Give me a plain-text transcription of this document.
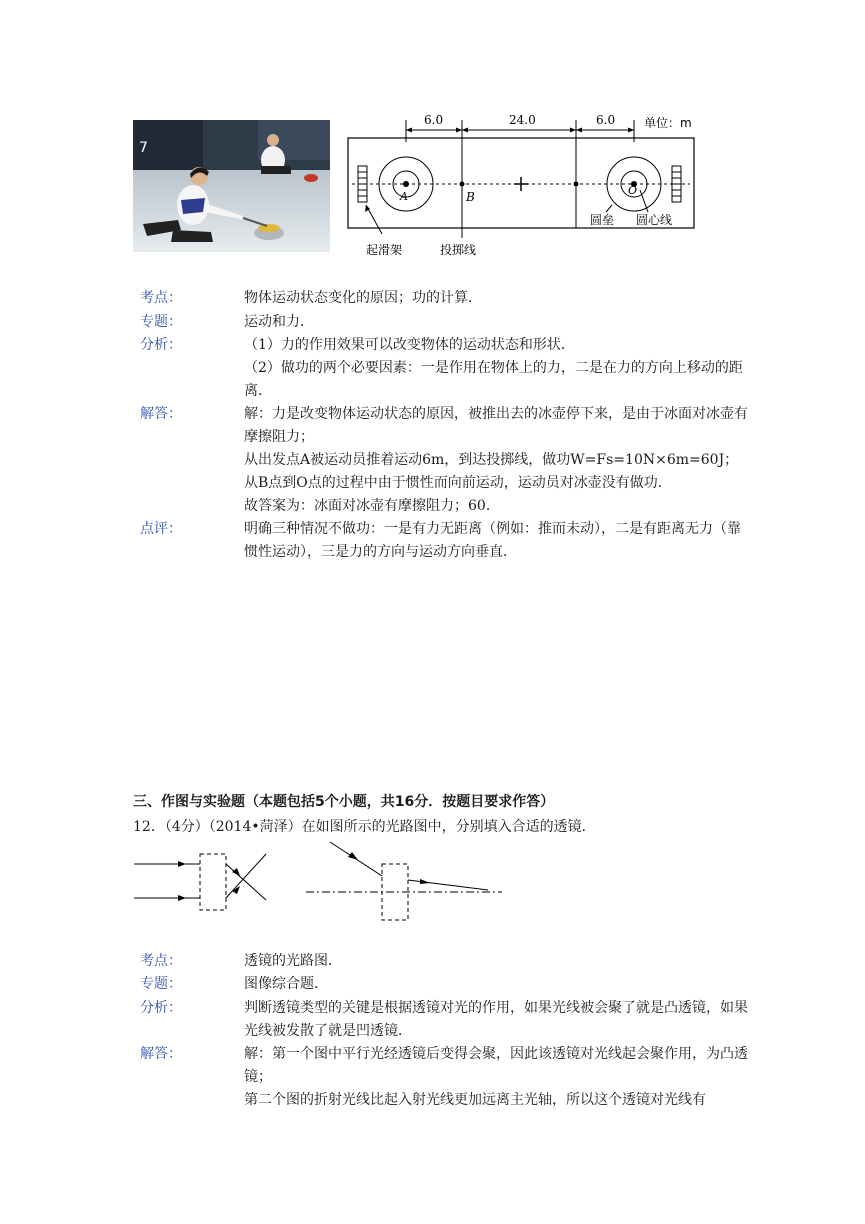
7
6.0	24.0	6.0 单位：m
A	B	O
起滑架	投掷线
圆垒 圆心线
考点：	物体运动状态变化的原因；功的计算．
专题：	运动和力．
分析：	（1）力的作用效果可以改变物体的运动状态和形状．
（2）做功的两个必要因素：一是作用在物体上的力，二是在力的方向上移动的距离．
解答：	解：力是改变物体运动状态的原因，被推出去的冰壶停下来，是由于冰面对冰壶有摩擦阻力；
从出发点A被运动员推着运动6m，到达投掷线，做功W=Fs=10N×6m=60J；
从B点到O点的过程中由于惯性而向前运动，运动员对冰壶没有做功．
故答案为：冰面对冰壶有摩擦阻力；60．
点评：	明确三种情况不做功：一是有力无距离（例如：推而未动），二是有距离无力（靠惯性运动），三是力的方向与运动方向垂直．
三、作图与实验题（本题包括5个小题，共16分．按题目要求作答）
12．（4分）（2014•菏泽）在如图所示的光路图中，分别填入合适的透镜．
考点：	透镜的光路图．
专题：	图像综合题．
分析：	判断透镜类型的关键是根据透镜对光的作用，如果光线被会聚了就是凸透镜，如果光线被发散了就是凹透镜．
解答：	解：第一个图中平行光经透镜后变得会聚，因此该透镜对光线起会聚作用，为凸透镜；
第二个图的折射光线比起入射光线更加远离主光轴，所以这个透镜对光线有
